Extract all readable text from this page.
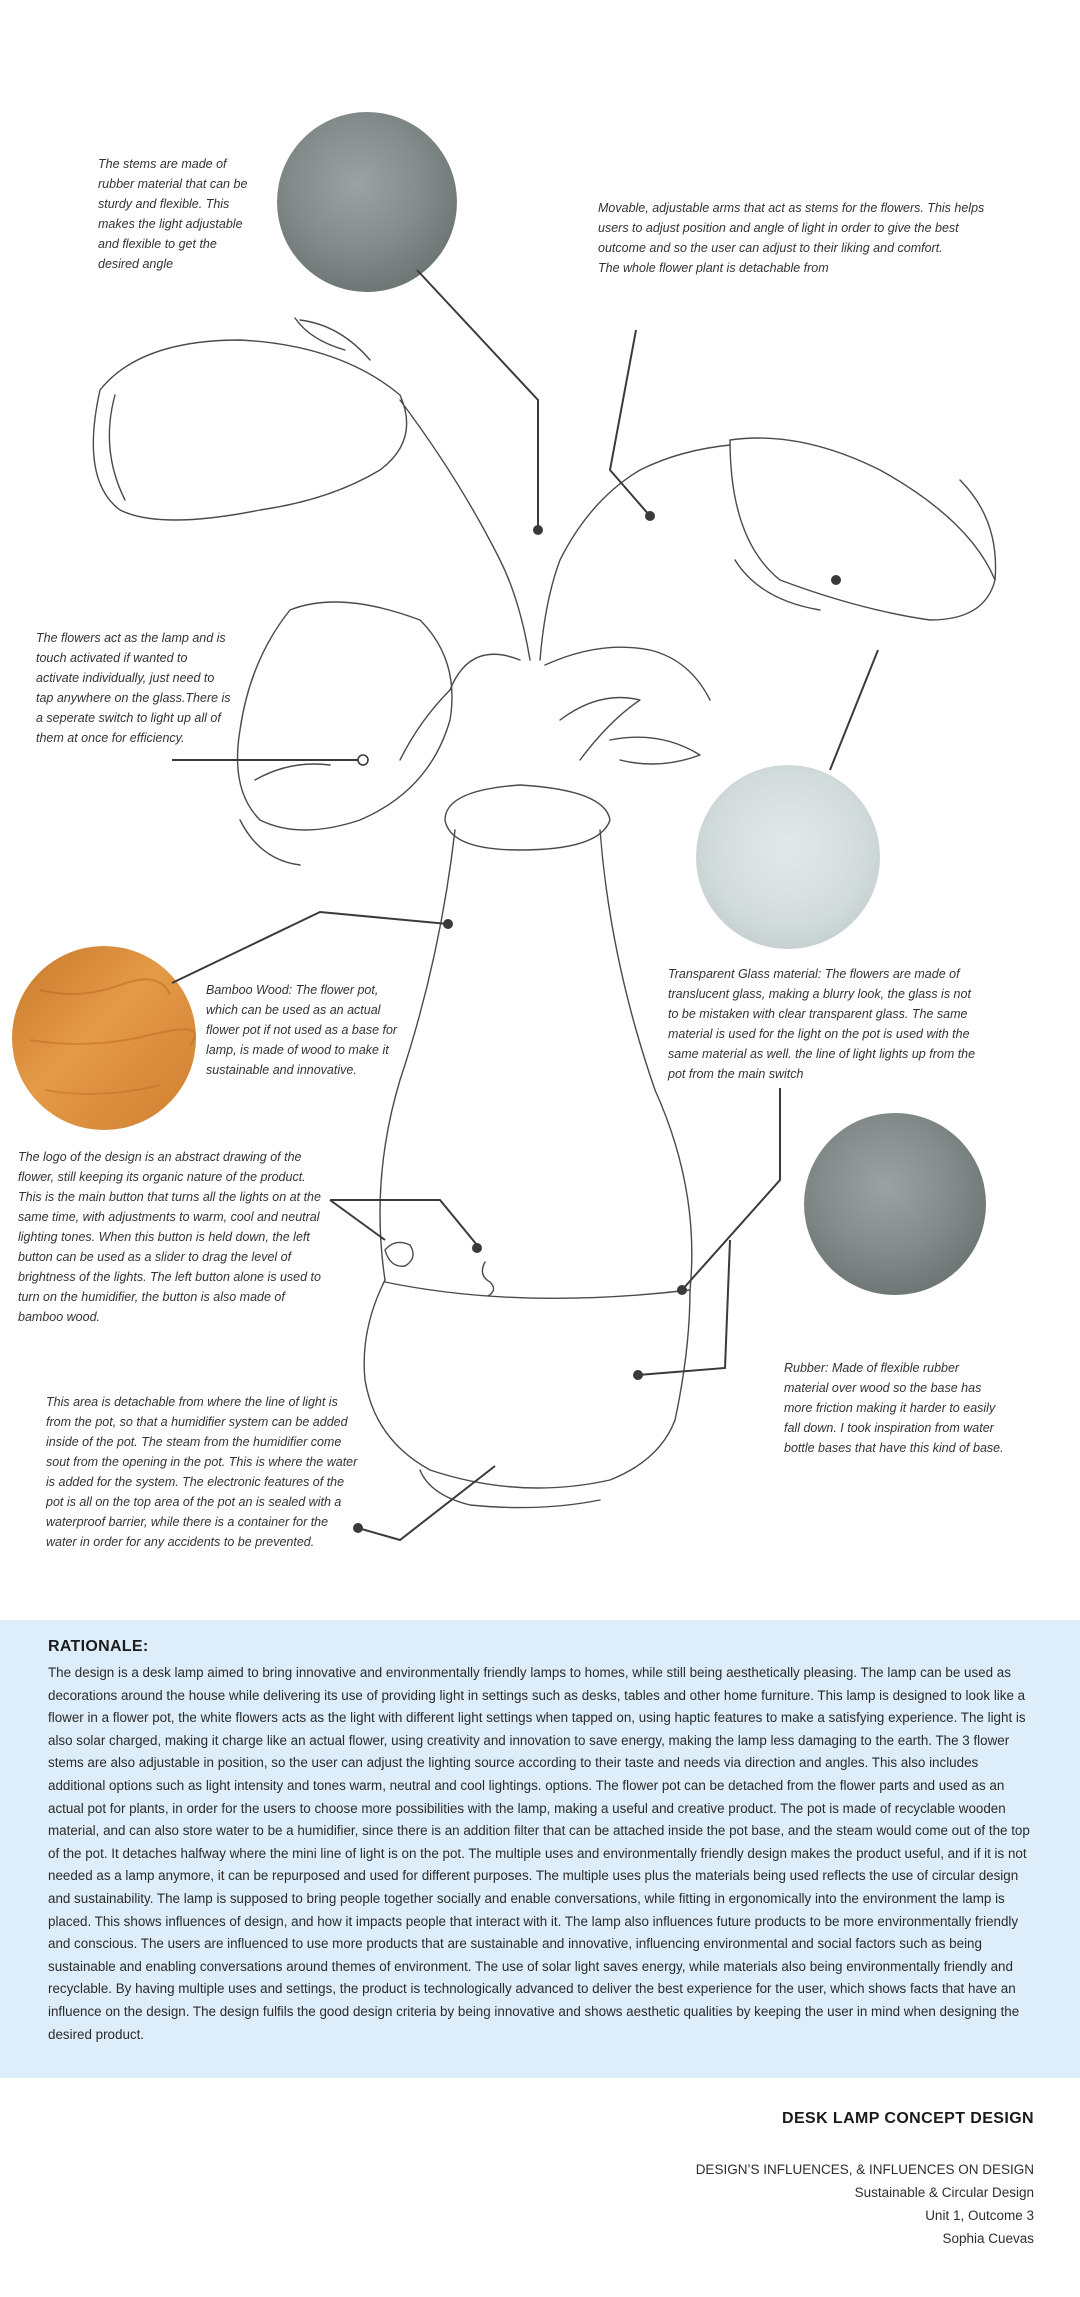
The stems are made of
rubber material that can be
sturdy and flexible. This
makes the light adjustable
and flexible to get the
desired angle

Movable, adjustable arms that act as stems for the flowers. This helps
users to adjust position and angle of light in order to give the best
outcome and so the user can adjust to their liking and comfort.
The whole flower plant is detachable from

The flowers act as the lamp and is
touch activated if wanted to
activate individually, just need to
tap anywhere on the glass.There is
a seperate switch to light up all of
them at once for efficiency.

Transparent Glass material: The flowers are made of
translucent glass, making a blurry look, the glass is not
to be mistaken with clear transparent glass. The same
material is used for the light on the pot is used with the
same material as well. the line of light lights up from the
pot from the main switch

Bamboo Wood: The flower pot,
which can be used as an actual
flower pot if not used as a base for
lamp, is made of wood to make it
sustainable and innovative.

The logo of the design is an abstract drawing of the
flower, still keeping its organic nature of the product.
This is the main button that turns all the lights on at the
same time, with adjustments to warm, cool and neutral
lighting tones. When this button is held down, the left
button can be used as a slider to drag the level of
brightness of the lights. The left button alone is used to
turn on the humidifier, the button is also made of
bamboo wood.

Rubber: Made of flexible rubber
material over wood so the base has
more friction making it harder to easily
fall down. I took inspiration from water
bottle bases that have this kind of base.

This area is detachable from where the line of light is
from the pot, so that a humidifier system can be added
inside of the pot. The steam from the humidifier come
sout from the opening in the pot. This is where the water
is added for the system. The electronic features of the
pot is all on the top area of the pot an is sealed with a
waterproof barrier, while there is a container for the
water in order for any accidents to be prevented.

RATIONALE:

The design is a desk lamp aimed to bring innovative and environmentally friendly lamps to homes, while still being aesthetically pleasing. The lamp can be used as decorations around the house while delivering its use of providing light in settings such as desks, tables and other home furniture. This lamp is designed to look like a flower in a flower pot, the white flowers acts as the light with different light settings when tapped on, using haptic features to make a satisfying experience. The light is also solar charged, making it charge like an actual flower, using creativity and innovation to save energy, making the lamp less damaging to the earth. The 3 flower stems are also adjustable in position, so the user can adjust the lighting source according to their taste and needs via direction and angles. This also includes additional options such as light intensity and tones warm, neutral and cool lightings. options. The flower pot can be detached from the flower parts and used as an actual pot for plants, in order for the users to choose more possibilities with the lamp, making a useful and creative product. The pot is made of recyclable wooden material, and can also store water to be a humidifier, since there is an addition filter that can be attached inside the pot base, and the steam would come out of the top of the pot. It detaches halfway where the mini line of light is on the pot. The multiple uses and environmentally friendly design makes the product useful, and if it is not needed as a lamp anymore, it can be repurposed and used for different purposes. The multiple uses plus the materials being used reflects the use of circular design and sustainability. The lamp is supposed to bring people together socially and enable conversations, while fitting in ergonomically into the environment the lamp is placed. This shows influences of design, and how it impacts people that interact with it. The lamp also influences future products to be more environmentally friendly and conscious. The users are influenced to use more products that are sustainable and innovative, influencing environmental and social factors such as being sustainable and enabling conversations around themes of environment. The use of solar light saves energy, while materials also being environmentally friendly and recyclable. By having multiple uses and settings, the product is technologically advanced to deliver the best experience for the user, which shows facts that have an influence on the design. The design fulfils the good design criteria by being innovative and shows aesthetic qualities by keeping the user in mind when designing the desired product.

DESK LAMP CONCEPT DESIGN
DESIGN’S INFLUENCES, & INFLUENCES ON DESIGN
Sustainable & Circular Design
Unit 1, Outcome 3
Sophia Cuevas
